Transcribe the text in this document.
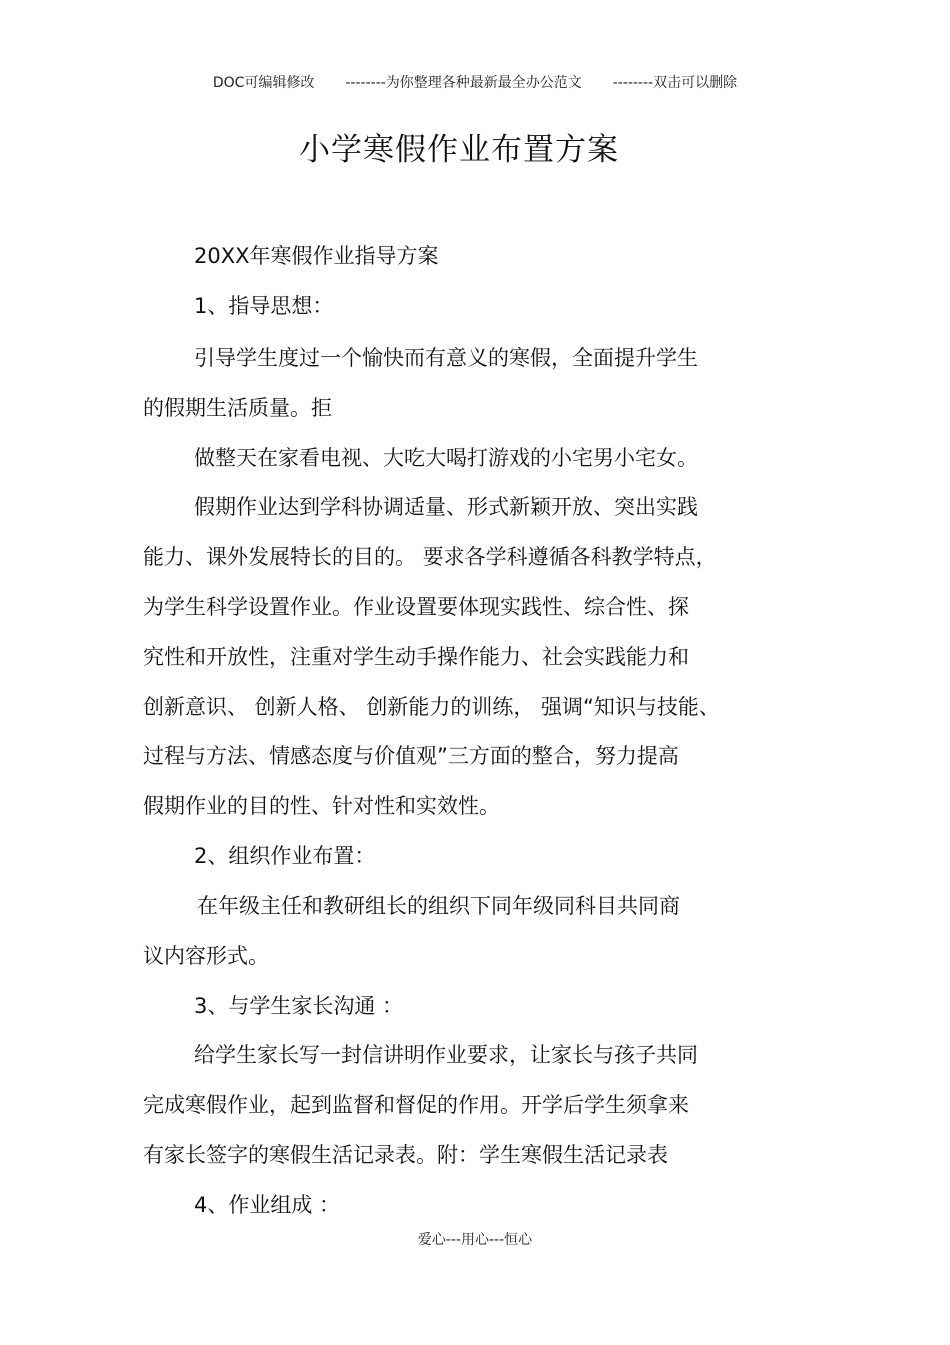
DOC可编辑修改 --------为你整理各种最新最全办公范文 --------双击可以删除
小学寒假作业布置方案
20XX年寒假作业指导方案
1、指导思想：
引导学生度过一个愉快而有意义的寒假，全面提升学生
的假期生活质量。拒
做整天在家看电视、大吃大喝打游戏的小宅男小宅女。
假期作业达到学科协调适量、形式新颖开放、突出实践
能力、课外发展特长的目的。 要求各学科遵循各科教学特点，
为学生科学设置作业。作业设置要体现实践性、综合性、探
究性和开放性，注重对学生动手操作能力、社会实践能力和
创新意识、 创新人格、 创新能力的训练， 强调“知识与技能、
过程与方法、情感态度与价值观”三方面的整合，努力提高
假期作业的目的性、针对性和实效性。
2、组织作业布置：
在年级主任和教研组长的组织下同年级同科目共同商
议内容形式。
3、与学生家长沟通 ：
给学生家长写一封信讲明作业要求，让家长与孩子共同
完成寒假作业，起到监督和督促的作用。开学后学生须拿来
有家长签字的寒假生活记录表。附：学生寒假生活记录表
4、作业组成 ：
爱心---用心---恒心
